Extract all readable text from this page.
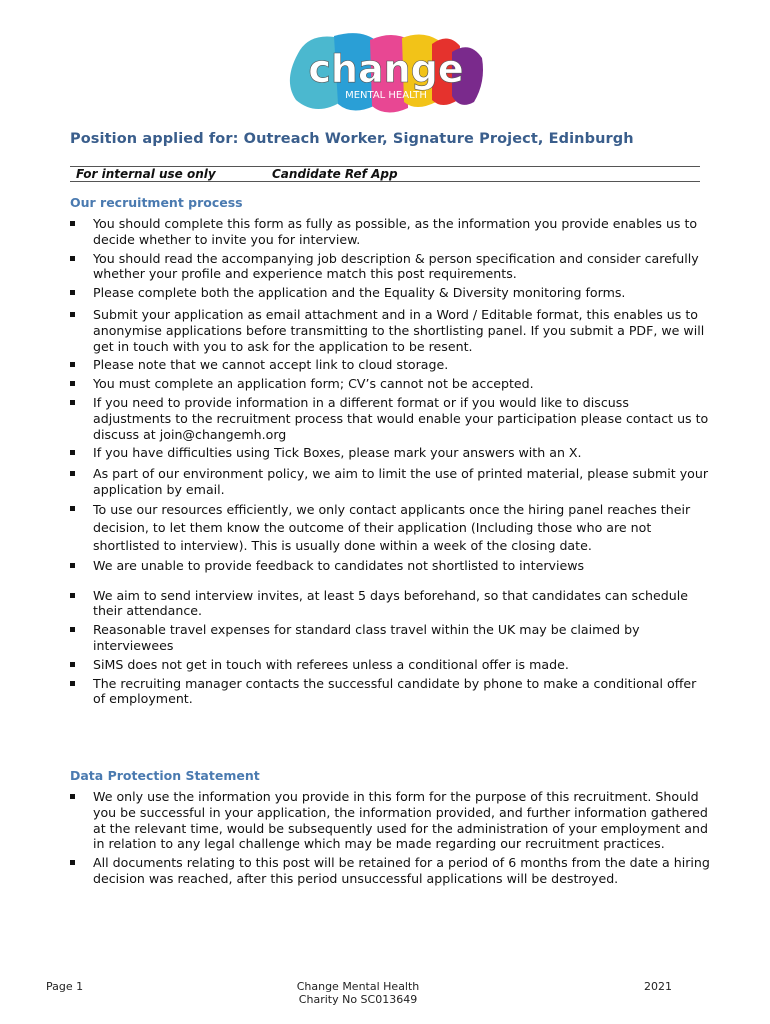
change
MENTAL HEALTH
Position applied for: Outreach Worker, Signature Project, Edinburgh
For internal use only	Candidate Ref App
Our recruitment process
You should complete this form as fully as possible, as the information you provide enables us to decide whether to invite you for interview.
You should read the accompanying job description & person specification and consider carefully whether your profile and experience match this post requirements.
Please complete both the application and the Equality & Diversity monitoring forms.
Submit your application as email attachment and in a Word / Editable format, this enables us to anonymise applications before transmitting to the shortlisting panel. If you submit a PDF, we will get in touch with you to ask for the application to be resent.
Please note that we cannot accept link to cloud storage.
You must complete an application form; CV’s cannot not be accepted.
If you need to provide information in a different format or if you would like to discuss adjustments to the recruitment process that would enable your participation please contact us to discuss at join@changemh.org
If you have difficulties using Tick Boxes, please mark your answers with an X.
As part of our environment policy, we aim to limit the use of printed material, please submit your application by email.
To use our resources efficiently, we only contact applicants once the hiring panel reaches their decision, to let them know the outcome of their application (Including those who are not shortlisted to interview). This is usually done within a week of the closing date.
We are unable to provide feedback to candidates not shortlisted to interviews
We aim to send interview invites, at least 5 days beforehand, so that candidates can schedule their attendance.
Reasonable travel expenses for standard class travel within the UK may be claimed by interviewees
SiMS does not get in touch with referees unless a conditional offer is made.
The recruiting manager contacts the successful candidate by phone to make a conditional offer of employment.
Data Protection Statement
We only use the information you provide in this form for the purpose of this recruitment. Should you be successful in your application, the information provided, and further information gathered at the relevant time, would be subsequently used for the administration of your employment and in relation to any legal challenge which may be made regarding our recruitment practices.
All documents relating to this post will be retained for a period of 6 months from the date a hiring decision was reached, after this period unsuccessful applications will be destroyed.
Page 1	Change Mental Health
Charity No SC013649
2021
